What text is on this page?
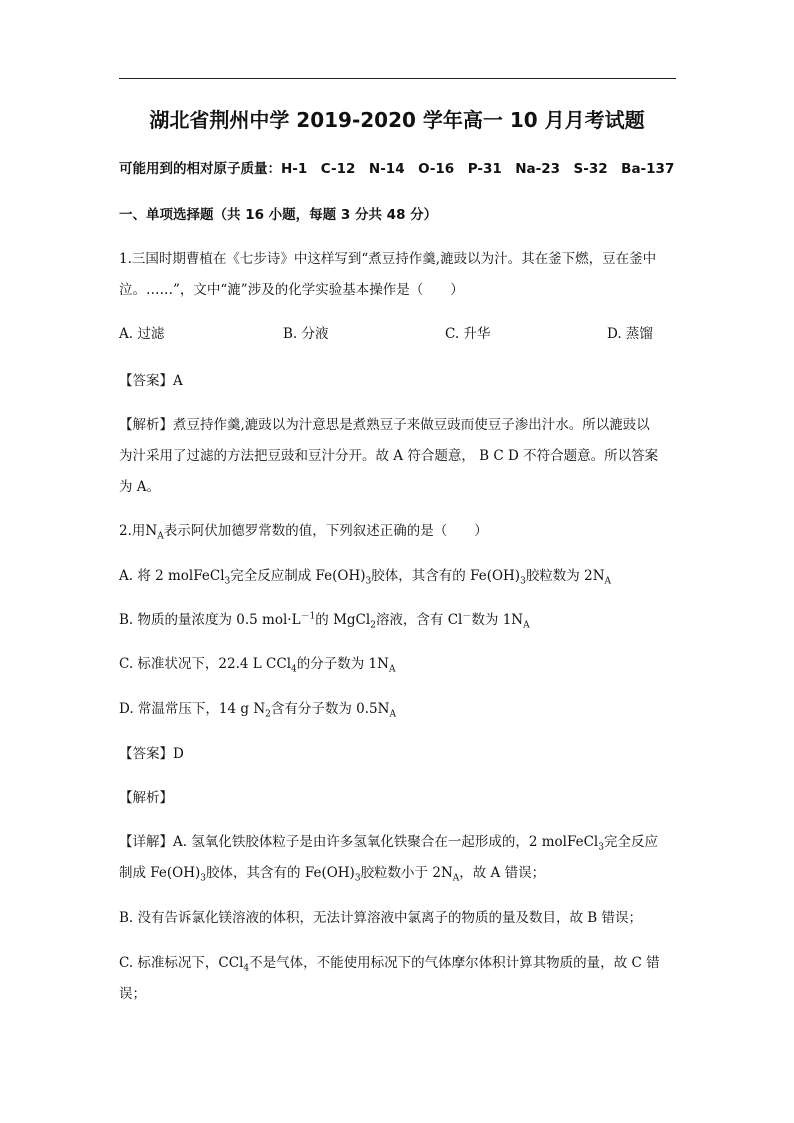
湖北省荆州中学 2019-2020 学年高一 10 月月考试题
可能用到的相对原子质量：H-1　C-12　N-14　O-16　P-31　Na-23　S-32　Ba-137
一、单项选择题（共 16 小题，每题 3 分共 48 分）
1.三国时期曹植在《七步诗》中这样写到“煮豆持作羹,漉豉以为汁。其在釜下燃，豆在釜中
泣。……”，文中“漉”涉及的化学实验基本操作是（　　）
A. 过滤	B. 分液	C. 升华	D. 蒸馏
【答案】A
【解析】煮豆持作羹,漉豉以为汁意思是煮熟豆子来做豆豉而使豆子渗出汁水。所以漉豉以
为汁采用了过滤的方法把豆豉和豆汁分开。故 A 符合题意， B C D 不符合题意。所以答案
为 A。
2.用$N_A$表示阿伏加德罗常数的值，下列叙述正确的是（　　）
A. 将 2 molFeCl$_3$完全反应制成 $Fe(OH)_3$胶体，其含有的 $Fe(OH)_3$胶粒数为 $2N_A$
B. 物质的量浓度为 0.5 $mol\cdot L^{-1}$的 MgCl$_2$溶液，含有 Cl－数为 $1N_A$
C. 标准状况下，22.4 L CCl$_4$的分子数为 $1N_A$
D. 常温常压下，14 g $N_2$含有分子数为 $0.5N_A$
【答案】D
【解析】
【详解】A. 氢氧化铁胶体粒子是由许多氢氧化铁聚合在一起形成的，2 molFeCl$_3$完全反应
制成 $Fe(OH)_3$胶体，其含有的 $Fe(OH)_3$胶粒数小于 $2N_A$，故 A 错误；
B. 没有告诉氯化镁溶液的体积，无法计算溶液中氯离子的物质的量及数目，故 B 错误；
C. 标准标况下，CCl$_4$不是气体，不能使用标况下的气体摩尔体积计算其物质的量，故 C 错
误；
